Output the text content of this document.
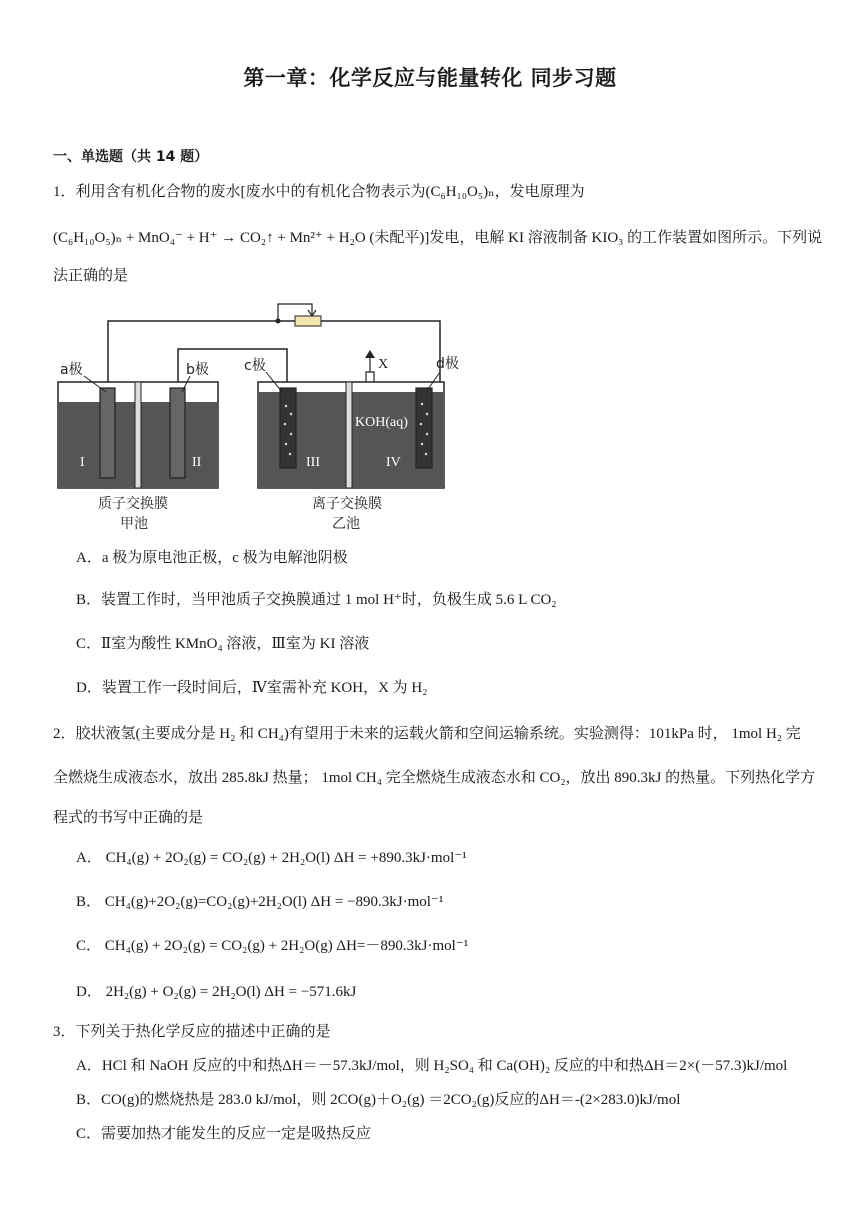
第一章：化学反应与能量转化 同步习题
一、单选题（共 14 题）
1．利用含有机化合物的废水[废水中的有机化合物表示为(C₆H₁₀O₅)ₙ，发电原理为
(C₆H₁₀O₅)ₙ + MnO₄⁻ + H⁺ → CO₂↑ + Mn²⁺ + H₂O (未配平)]发电，电解 KI 溶液制备 KIO₃ 的工作装置如图所示。下列说
法正确的是
I	II
a极	b极
质子交换膜
甲池
III	IV
KOH(aq)
c极	d极
X
离子交换膜
乙池
A．a 极为原电池正极，c 极为电解池阴极
B．装置工作时，当甲池质子交换膜通过 1 mol H⁺时，负极生成 5.6 L CO₂
C．Ⅱ室为酸性 KMnO₄ 溶液，Ⅲ室为 KI 溶液
D．装置工作一段时间后，Ⅳ室需补充 KOH，X 为 H₂
2．胶状液氢(主要成分是 H₂ 和 CH₄)有望用于未来的运载火箭和空间运输系统。实验测得：101kPa 时， 1mol H₂ 完
全燃烧生成液态水，放出 285.8kJ 热量； 1mol CH₄ 完全燃烧生成液态水和 CO₂，放出 890.3kJ 的热量。下列热化学方
程式的书写中正确的是
A． CH₄(g) + 2O₂(g) = CO₂(g) + 2H₂O(l) ΔH = +890.3kJ·mol⁻¹
B． CH₄(g)+2O₂(g)=CO₂(g)+2H₂O(l) ΔH = −890.3kJ·mol⁻¹
C． CH₄(g) + 2O₂(g) = CO₂(g) + 2H₂O(g) ΔH=－890.3kJ·mol⁻¹
D． 2H₂(g) + O₂(g) = 2H₂O(l) ΔH = −571.6kJ
3．下列关于热化学反应的描述中正确的是
A．HCl 和 NaOH 反应的中和热ΔH＝－57.3kJ/mol，则 H₂SO₄ 和 Ca(OH)₂ 反应的中和热ΔH＝2×(－57.3)kJ/mol
B．CO(g)的燃烧热是 283.0 kJ/mol，则 2CO(g)＋O₂(g) ＝2CO₂(g)反应的ΔH＝-(2×283.0)kJ/mol
C．需要加热才能发生的反应一定是吸热反应
